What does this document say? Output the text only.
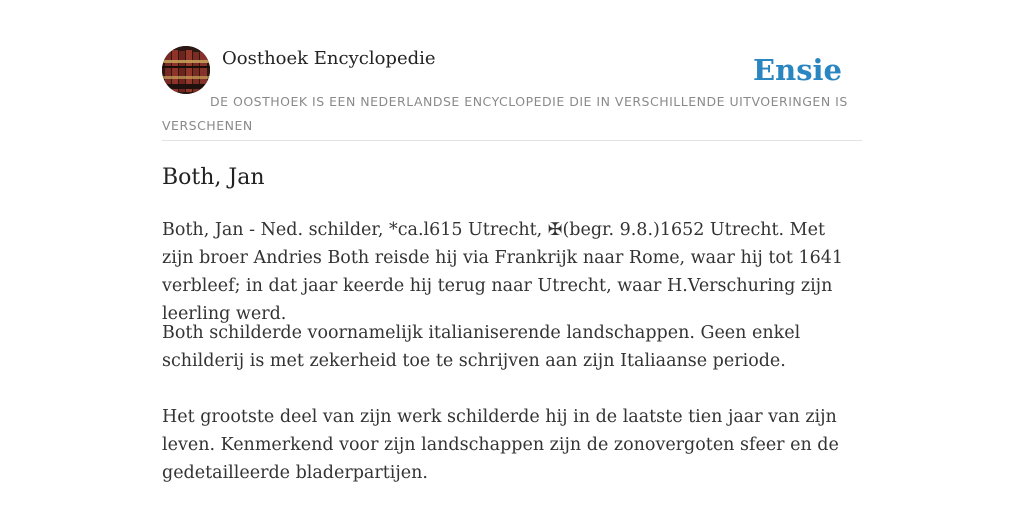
Oosthoek Encyclopedie	Ensie

DE OOSTHOEK IS EEN NEDERLANDSE ENCYCLOPEDIE DIE IN VERSCHILLENDE UITVOERINGEN IS VERSCHENEN

Both, Jan

Both, Jan - Ned. schilder, *ca.l615 Utrecht, ✠(begr. 9.8.)1652 Utrecht. Met zijn broer Andries Both reisde hij via Frankrijk naar Rome, waar hij tot 1641 verbleef; in dat jaar keerde hij terug naar Utrecht, waar H.Verschuring zijn leerling werd.

Both schilderde voornamelijk italianiserende landschappen. Geen enkel schilderij is met zekerheid toe te schrijven aan zijn Italiaanse periode.

Het grootste deel van zijn werk schilderde hij in de laatste tien jaar van zijn leven. Kenmerkend voor zijn landschappen zijn de zonovergoten sfeer en de gedetailleerde bladerpartijen.
